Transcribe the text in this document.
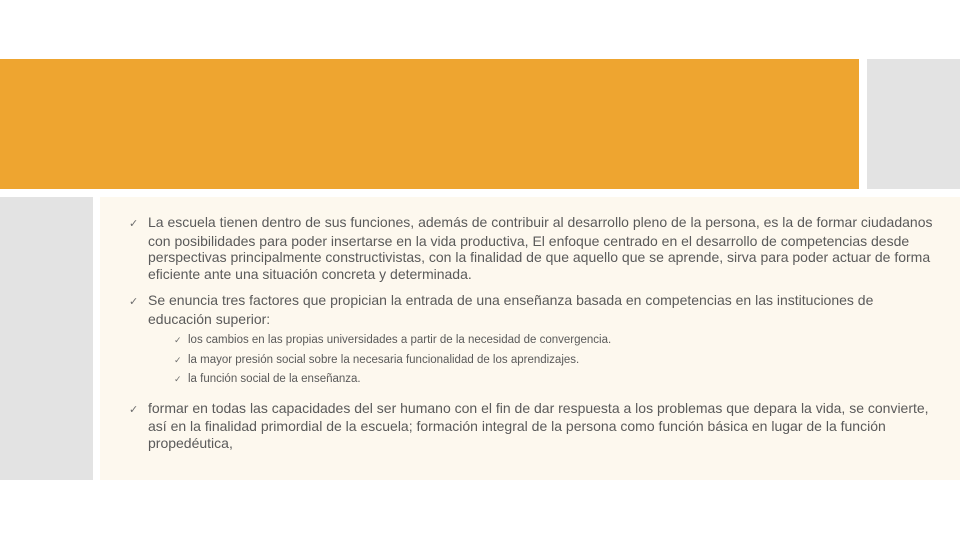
✓ La escuela tienen dentro de sus funciones, además de contribuir al desarrollo pleno de la persona, es la de formar ciudadanos con posibilidades para poder insertarse en la vida productiva, El enfoque centrado en el desarrollo de competencias desde perspectivas principalmente constructivistas, con la finalidad de que aquello que se aprende, sirva para poder actuar de forma eficiente ante una situación concreta y determinada.

✓ Se enuncia tres factores que propician la entrada de una enseñanza basada en competencias en las instituciones de educación superior:

✓ los cambios en las propias universidades a partir de la necesidad de convergencia.

✓ la mayor presión social sobre la necesaria funcionalidad de los aprendizajes.

✓ la función social de la enseñanza.

✓ formar en todas las capacidades del ser humano con el fin de dar respuesta a los problemas que depara la vida, se convierte, así en la finalidad primordial de la escuela; formación integral de la persona como función básica en lugar de la función propedéutica,
